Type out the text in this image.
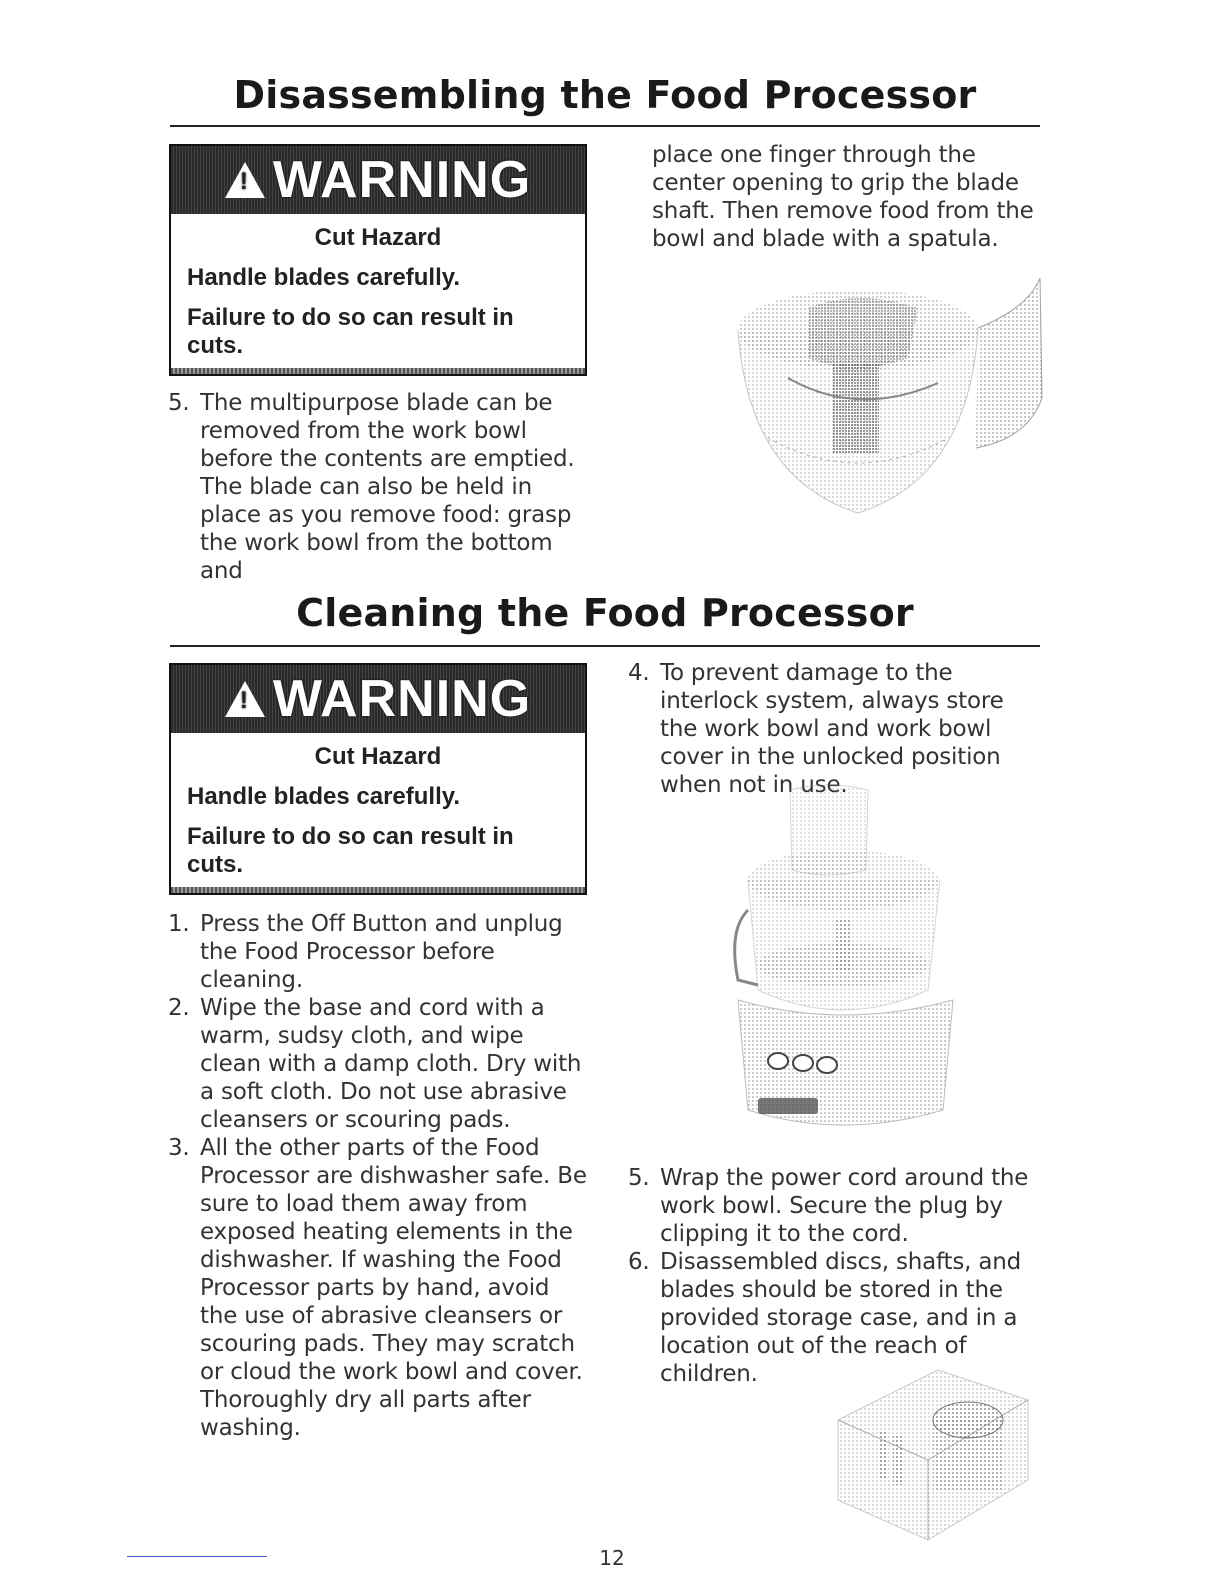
Disassembling the Food Processor
!
WARNING
Cut Hazard
Handle blades carefully.
Failure to do so can result in cuts.
5. The multipurpose blade can be removed from the work bowl before the contents are emptied. The blade can also be held in place as you remove food: grasp the work bowl from the bottom and
place one finger through the center opening to grip the blade shaft. Then remove food from the bowl and blade with a spatula.
Cleaning the Food Processor
!
WARNING
Cut Hazard
Handle blades carefully.
Failure to do so can result in cuts.
1. Press the Off Button and unplug the Food Processor before cleaning.
2. Wipe the base and cord with a warm, sudsy cloth, and wipe clean with a damp cloth. Dry with a soft cloth. Do not use abrasive cleansers or scouring pads.
3. All the other parts of the Food Processor are dishwasher safe. Be sure to load them away from exposed heating elements in the dishwasher. If washing the Food Processor parts by hand, avoid the use of abrasive cleansers or scouring pads. They may scratch or cloud the work bowl and cover. Thoroughly dry all parts after washing.
4. To prevent damage to the interlock system, always store the work bowl and work bowl cover in the unlocked position when not in use.
5. Wrap the power cord around the work bowl. Secure the plug by clipping it to the cord.
6. Disassembled discs, shafts, and blades should be stored in the provided storage case, and in a location out of the reach of children.
12
